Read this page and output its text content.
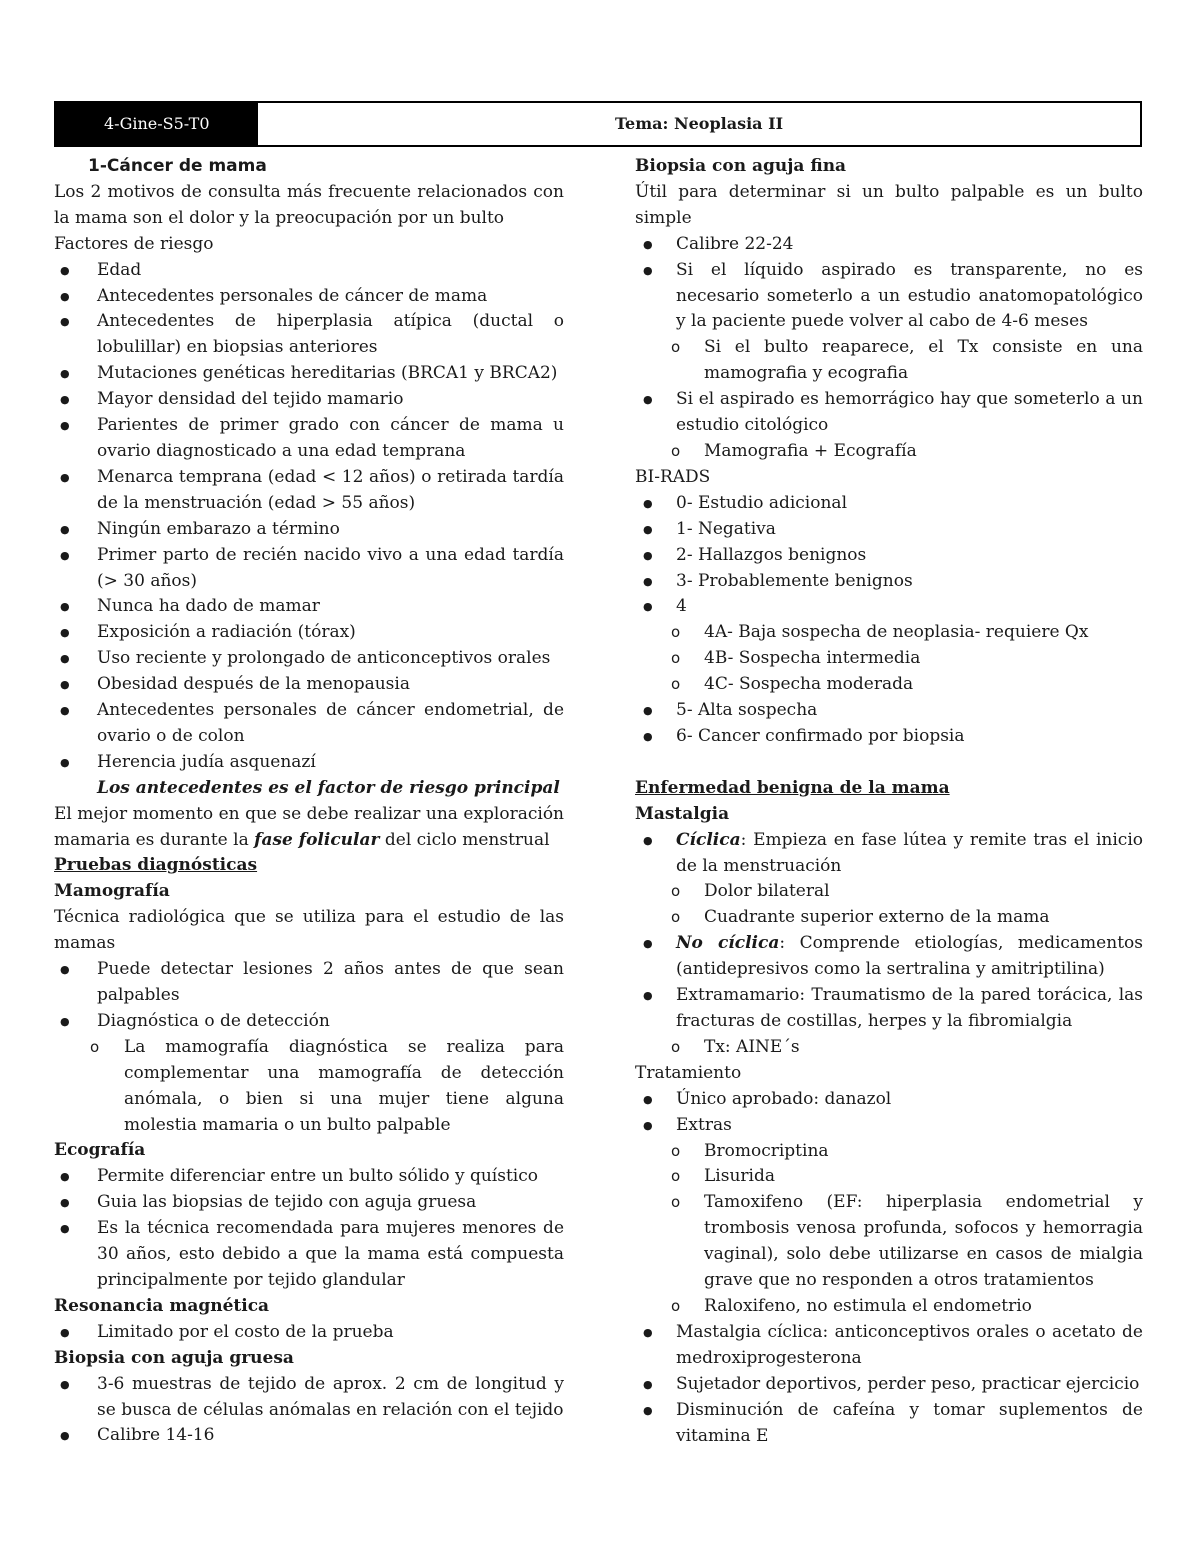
4-Gine-S5-T0	Tema: Neoplasia II

1-Cáncer de mama

Los 2 motivos de consulta más frecuente relacionados con la mama son el dolor y la preocupación por un bulto

Factores de riesgo

● Edad

● Antecedentes personales de cáncer de mama

● Antecedentes de hiperplasia atípica (ductal o lobulillar) en biopsias anteriores

● Mutaciones genéticas hereditarias (BRCA1 y BRCA2)

● Mayor densidad del tejido mamario

● Parientes de primer grado con cáncer de mama u ovario diagnosticado a una edad temprana

● Menarca temprana (edad < 12 años) o retirada tardía de la menstruación (edad > 55 años)

● Ningún embarazo a término

● Primer parto de recién nacido vivo a una edad tardía (> 30 años)

● Nunca ha dado de mamar

● Exposición a radiación (tórax)

● Uso reciente y prolongado de anticonceptivos orales

● Obesidad después de la menopausia

● Antecedentes personales de cáncer endometrial, de ovario o de colon

● Herencia judía asquenazí

Los antecedentes es el factor de riesgo principal

El mejor momento en que se debe realizar una exploración mamaria es durante la fase folicular del ciclo menstrual

Pruebas diagnósticas

Mamografía

Técnica radiológica que se utiliza para el estudio de las mamas

● Puede detectar lesiones 2 años antes de que sean palpables

● Diagnóstica o de detección

o La mamografía diagnóstica se realiza para complementar una mamografía de detección anómala, o bien si una mujer tiene alguna molestia mamaria o un bulto palpable

Ecografía

● Permite diferenciar entre un bulto sólido y quístico

● Guia las biopsias de tejido con aguja gruesa

● Es la técnica recomendada para mujeres menores de 30 años, esto debido a que la mama está compuesta principalmente por tejido glandular

Resonancia magnética

● Limitado por el costo de la prueba

Biopsia con aguja gruesa

● 3-6 muestras de tejido de aprox. 2 cm de longitud y se busca de células anómalas en relación con el tejido

● Calibre 14-16

Biopsia con aguja fina

Útil para determinar si un bulto palpable es un bulto simple

● Calibre 22-24

● Si el líquido aspirado es transparente, no es necesario someterlo a un estudio anatomopatológico y la paciente puede volver al cabo de 4-6 meses

o Si el bulto reaparece, el Tx consiste en una mamografia y ecografia

● Si el aspirado es hemorrágico hay que someterlo a un estudio citológico

o Mamografia + Ecografía

BI-RADS

● 0- Estudio adicional

● 1- Negativa

● 2- Hallazgos benignos

● 3- Probablemente benignos

● 4

o 4A- Baja sospecha de neoplasia- requiere Qx

o 4B- Sospecha intermedia

o 4C- Sospecha moderada

● 5- Alta sospecha

● 6- Cancer confirmado por biopsia

Enfermedad benigna de la mama

Mastalgia

● Cíclica: Empieza en fase lútea y remite tras el inicio de la menstruación

o Dolor bilateral

o Cuadrante superior externo de la mama

● No cíclica: Comprende etiologías, medicamentos (antidepresivos como la sertralina y amitriptilina)

● Extramamario: Traumatismo de la pared torácica, las fracturas de costillas, herpes y la fibromialgia

o Tx: AINE´s

Tratamiento

● Único aprobado: danazol

● Extras

o Bromocriptina

o Lisurida

o Tamoxifeno (EF: hiperplasia endometrial y trombosis venosa profunda, sofocos y hemorragia vaginal), solo debe utilizarse en casos de mialgia grave que no responden a otros tratamientos

o Raloxifeno, no estimula el endometrio

● Mastalgia cíclica: anticonceptivos orales o acetato de medroxiprogesterona

● Sujetador deportivos, perder peso, practicar ejercicio

● Disminución de cafeína y tomar suplementos de vitamina E
